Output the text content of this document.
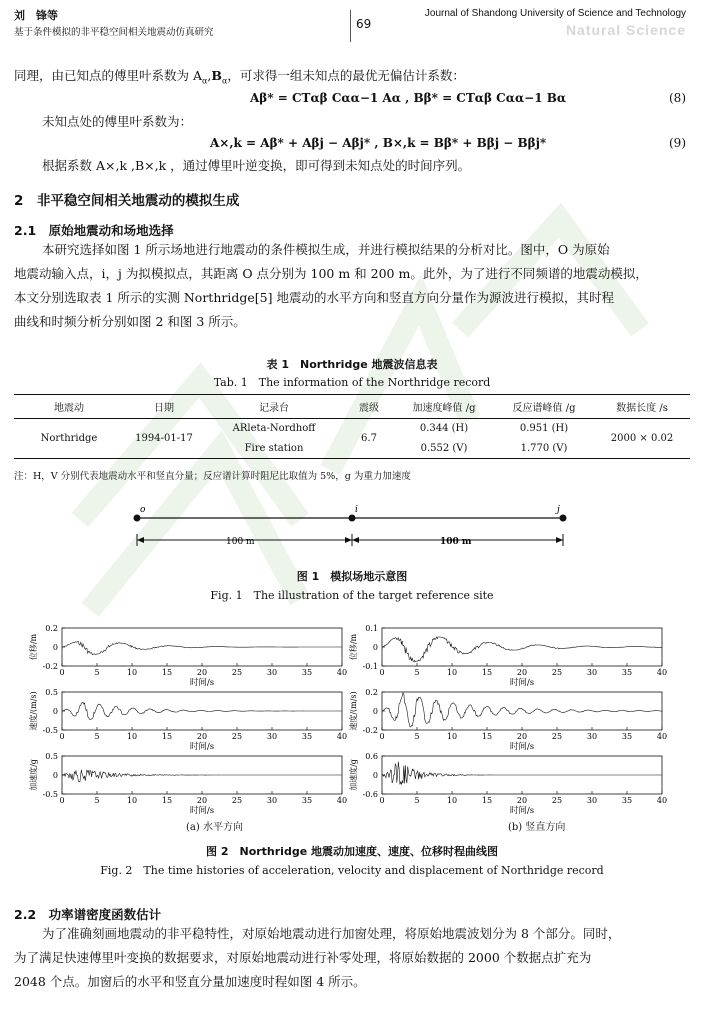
刘　锋等
基于条件模拟的非平稳空间相关地震动仿真研究
69
Journal of Shandong University of Science and Technology
Natural Science
同理，由已知点的傅里叶系数为 $A_\alpha,B_\alpha$，可求得一组未知点的最优无偏估计系数：
Aβ* = CTαβ Cαα−1 Aα , Bβ* = CTαβ Cαα−1 Bα	(8)
未知点处的傅里叶系数为：
A×,k = Aβ* + Aβj − Aβj* , B×,k = Bβ* + Bβj − Bβj*	(9)
根据系数 A×,k ,B×,k ，通过傅里叶逆变换，即可得到未知点处的时间序列。
2　非平稳空间相关地震动的模拟生成
2.1　原始地震动和场地选择
本研究选择如图 1 所示场地进行地震动的条件模拟生成，并进行模拟结果的分析对比。图中，O 为原始
地震动输入点，i，j 为拟模拟点，其距离 O 点分别为 100 m 和 200 m。此外，为了进行不同频谱的地震动模拟，
本文分别选取表 1 所示的实测 Northridge[5] 地震动的水平方向和竖直方向分量作为源波进行模拟，其时程
曲线和时频分析分别如图 2 和图 3 所示。
表 1　Northridge 地震波信息表
Tab. 1　The information of the Northridge record
地震动	日期	记录台	震级	加速度峰值 /g	反应谱峰值 /g	数据长度 /s
Northridge	1994-01-17	ARleta-Nordhoff	6.7	0.344 (H)	0.951 (H)	2000 × 0.02
		Fire station		0.552 (V)	1.770 (V)	
注：H，V 分别代表地震动水平和竖直分量；反应谱计算时阻尼比取值为 5%，g 为重力加速度
o	i	j
100 m	100 m
图 1　模拟场地示意图
Fig. 1　The illustration of the target reference site
0.2
0
-0.2
0	5	10	15	20	25	30	35	40
位移/m
时间/s
0.1
0
-0.1
0	5	10	15	20	25	30	35	40
位移/m
时间/s
0.5
0
-0.5
0	5	10	15	20	25	30	35	40
速度/(m/s)
时间/s
0.2
0
-0.2
0	5	10	15	20	25	30	35	40
速度/(m/s)
时间/s
0.5
0
-0.5
0	5	10	15	20	25	30	35	40
加速度/g
时间/s
0.6
0
-0.6
0	5	10	15	20	25	30	35	40
加速度/g
时间/s
(a) 水平方向	(b) 竖直方向
图 2　Northridge 地震动加速度、速度、位移时程曲线图
Fig. 2　The time histories of acceleration, velocity and displacement of Northridge record
2.2　功率谱密度函数估计
为了准确刻画地震动的非平稳特性，对原始地震动进行加窗处理，将原始地震波划分为 8 个部分。同时，
为了满足快速傅里叶变换的数据要求，对原始地震动进行补零处理，将原始数据的 2000 个数据点扩充为
2048 个点。加窗后的水平和竖直分量加速度时程如图 4 所示。
